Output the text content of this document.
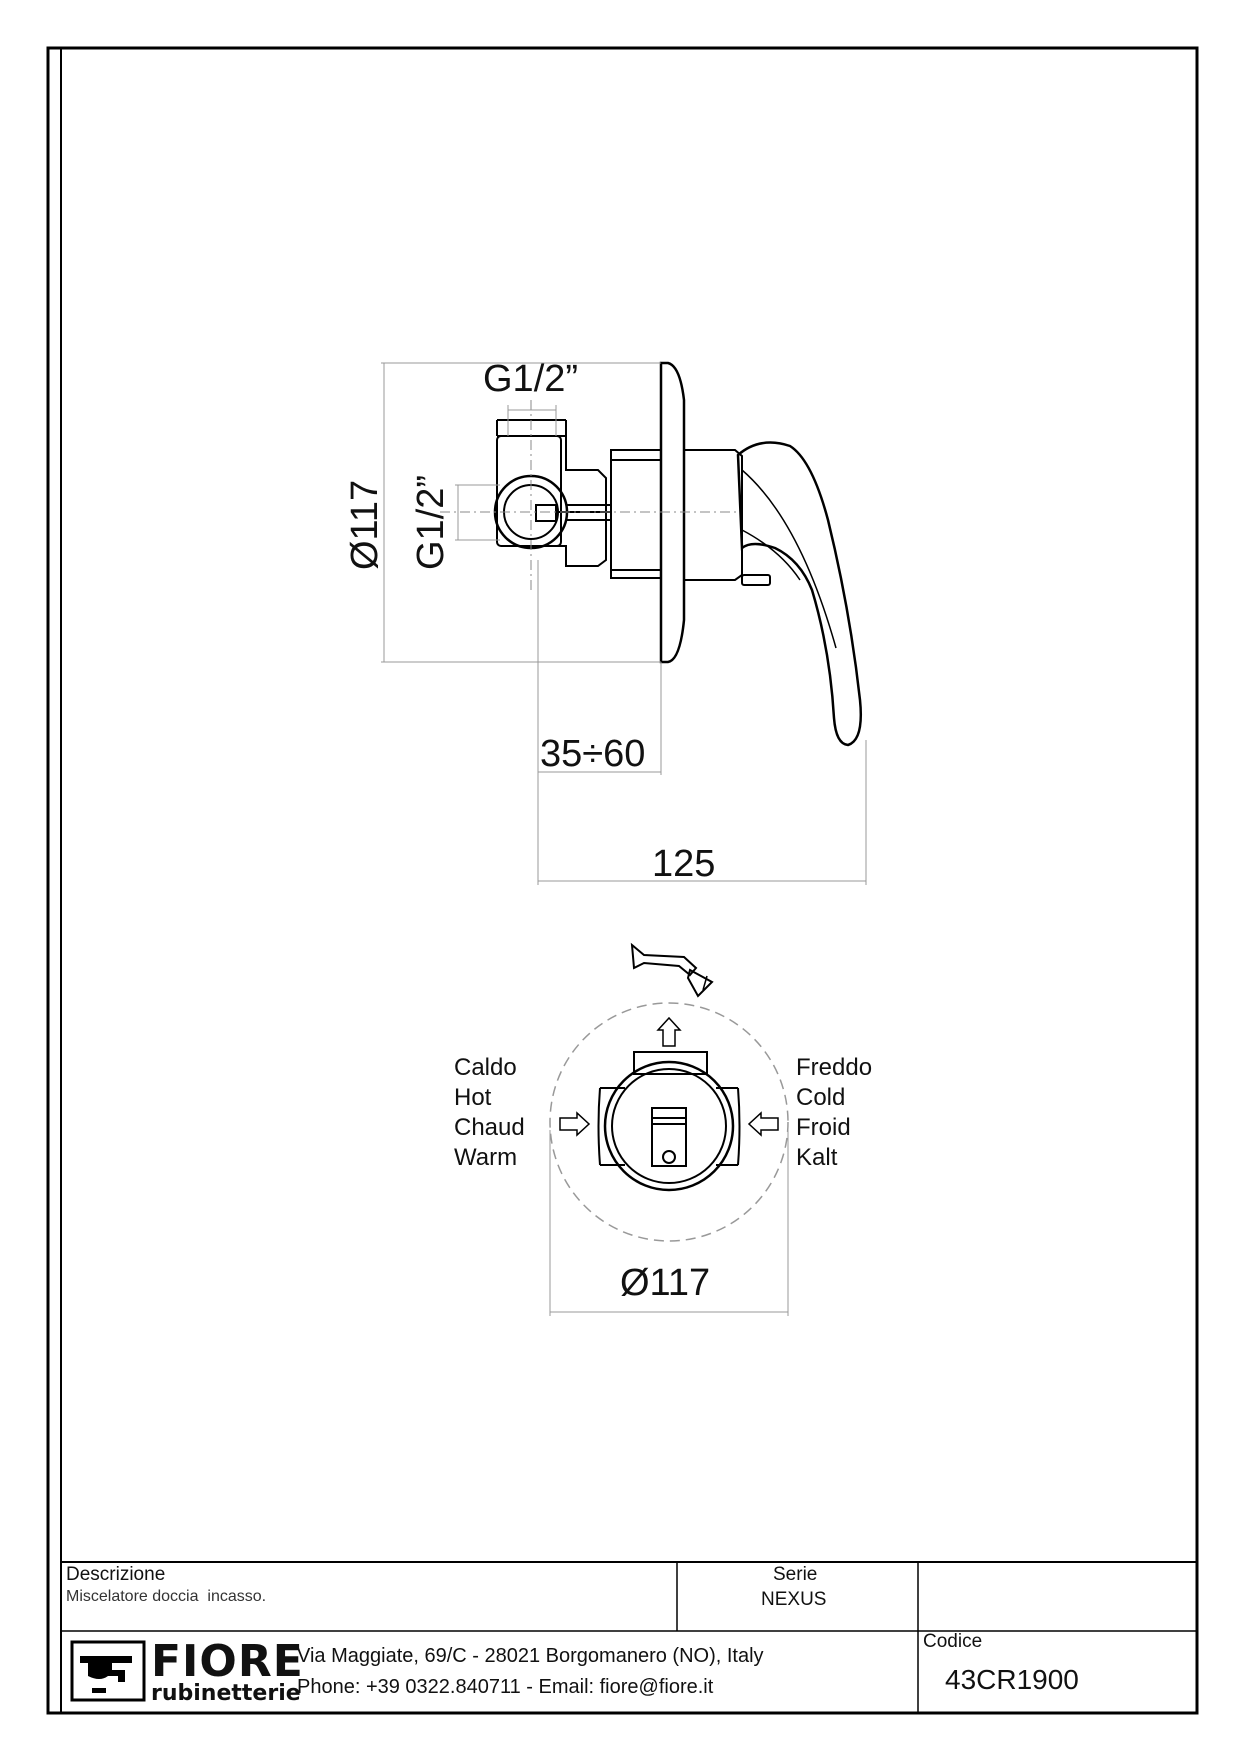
G1/2”
Ø117 G1/2”
35÷60
125
Caldo
Hot
Chaud
Warm
Freddo
Cold
Froid
Kalt
Ø117
Descrizione
Miscelatore doccia  incasso.
Serie
NEXUS
Codice
43CR1900
FIORE
rubinetterie
Via Maggiate, 69/C - 28021 Borgomanero (NO), Italy
Phone: +39 0322.840711 - Email: fiore@fiore.it
